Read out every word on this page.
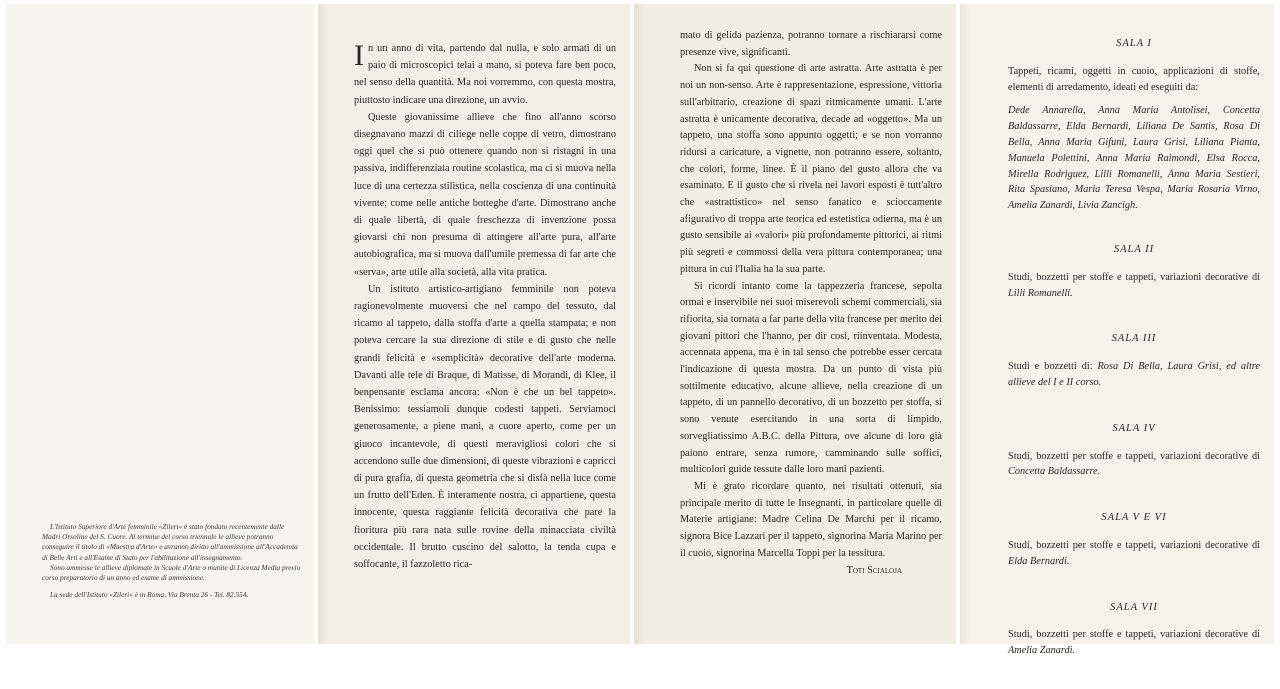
L'Istituto Superiore d'Arte femminile «Zileri» è stato fondato recentemente dalle Madri Orsoline del S. Cuore. Al termine del corso triennale le allieve potranno conseguire il titolo di «Maestra d'Arte» e avranno diritto all'ammissione all'Accademia di Belle Arti e all'Esame di Stato per l'abilitazione all'insegnamento.

Sono ammesse le allieve diplomate in Scuole d'Arte o munite di Licenza Media previo corso preparatorio di un anno ed esame di ammissione.

La sede dell'Istituto «Zileri» è in Roma, Via Brenta 26 - Tel. 82.554.

In un anno di vita, partendo dal nulla, e solo armati di un paio di microscopici telai a mano, si poteva fare ben poco, nel senso della quantità. Ma noi vorremmo, con questa mostra, piuttosto indicare una direzione, un avvio.

Queste giovanissime allieve che fino all'anno scorso disegnavano mazzi di ciliege nelle coppe di vetro, dimostrano oggi quel che si può ottenere quando non si ristagni in una passiva, indifferenziata routine scolastica, ma ci si muova nella luce di una certezza stilistica, nella coscienza di una continuità vivente; come nelle antiche botteghe d'arte. Dimostrano anche di quale libertà, di quale freschezza di invenzione possa giovarsi chi non presuma di attingere all'arte pura, all'arte autobiografica, ma si muova dall'umile premessa di far arte che «serva», arte utile alla società, alla vita pratica.

Un istituto artistico-artigiano femminile non poteva ragionevolmente muoversi che nel campo del tessuto, dal ricamo al tappeto, dalla stoffa d'arte a quella stampata; e non poteva cercare la sua direzione di stile e di gusto che nelle grandi felicità e «semplicità» decorative dell'arte moderna. Davanti alle tele di Braque, di Matisse, di Morandi, di Klee, il benpensante esclama ancora: «Non è che un bel tappeto». Benissimo: tessiamoli dunque codesti tappeti. Serviamoci generosamente, a piene mani, a cuore aperto, come per un giuoco incantevole, di questi meravigliosi colori che si accendono sulle due dimensioni, di queste vibrazioni e capricci di pura grafia, di questa geometria che si disfà nella luce come un frutto dell'Eden. È interamente nostra, ci appartiene, questa innocente, questa raggiante felicità decorativa che pare la fioritura più rara nata sulle rovine della minacciata civiltà occidentale. Il brutto cuscino del salotto, la tenda cupa e soffocante, il fazzoletto rica-

mato di gelida pazienza, potranno tornare a rischiararsi come presenze vive, significanti.

Non si fa qui questione di arte astratta. Arte astratta è per noi un non-senso. Arte è rappresentazione, espressione, vittoria sull'arbitrario, creazione di spazi ritmicamente umani. L'arte astratta è unicamente decorativa, decade ad «oggetto». Ma un tappeto, una stoffa sono appunto oggetti; e se non vorranno ridursi a caricature, a vignette, non potranno essere, soltanto, che colori, forme, linee. È il piano del gusto allora che va esaminato. E il gusto che si rivela nei lavori esposti è tutt'altro che «astrattistico» nel senso fanatico e scioccamente afigurativo di troppa arte teorica ed estetistica odierna, ma è un gusto sensibile ai «valori» più profondamente pittorici, ai ritmi più segreti e commossi della vera pittura contemporanea; una pittura in cui l'Italia ha la sua parte.

Si ricordi intanto come la tappezzeria francese, sepolta ormai e inservibile nei suoi miserevoli schemi commerciali, sia rifiorita, sia tornata a far parte della vita francese per merito dei giovani pittori che l'hanno, per dir così, riinventata. Modesta, accennata appena, ma è in tal senso che potrebbe esser cercata l'indicazione di questa mostra. Da un punto di vista più sottilmente educativo, alcune allieve, nella creazione di un tappeto, di un pannello decorativo, di un bozzetto per stoffa, si sono venute esercitando in una sorta di limpido, sorvegliatissimo A.B.C. della Pittura, ove alcune di loro già paiono entrare, senza rumore, camminando sulle soffici, multicolori guide tessute dalle loro mani pazienti.

Mi è grato ricordare quanto, nei risultati ottenuti, sia principale merito di tutte le Insegnanti, in particolare quelle di Materie artigiane: Madre Celina De Marchi per il ricamo, signora Bice Lazzari per il tappeto, signorina Maria Marino per il cuoio, signorina Marcella Toppi per la tessitura.

Toti Scialoja

SALA I

Tappeti, ricami, oggetti in cuoio, applicazioni di stoffe, elementi di arredamento, ideati ed eseguiti da:

Dede Annarella, Anna Maria Antolisei, Concetta Baldassarre, Elda Bernardi, Liliana De Santis, Rosa Di Bella, Anna Maria Gifuni, Laura Grisi, Liliana Pianta, Manuela Polettini, Anna Maria Raimondi, Elsa Rocca, Mirella Rodriguez, Lilli Romanelli, Anna Maria Sestieri, Rita Spasiano, Maria Teresa Vespa, Maria Rosaria Virno, Amelia Zanardi, Livia Zancigh.

SALA II

Studi, bozzetti per stoffe e tappeti, variazioni decorative di Lilli Romanelli.

SALA III

Studi e bozzetti di: Rosa Di Bella, Laura Grisi, ed altre allieve del I e II corso.

SALA IV

Studi, bozzetti per stoffe e tappeti, variazioni decorative di Concetta Baldassarre.

SALA V E VI

Studi, bozzetti per stoffe e tappeti, variazioni decorative di Elda Bernardi.

SALA VII

Studi, bozzetti per stoffe e tappeti, variazioni decorative di Amelia Zanardi.
